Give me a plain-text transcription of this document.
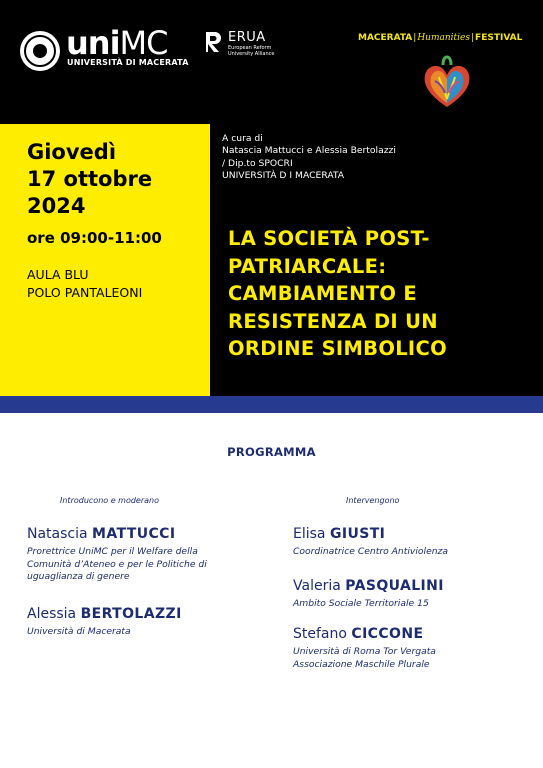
uniMC
UNIVERSITÀ DI MACERATA
ERUA
European Reform
University Alliance
MACERATA|Humanities|FESTIVAL
Giovedì
17 ottobre
2024
ore 09:00-11:00
AULA BLU
POLO PANTALEONI
A cura di
Natascia Mattucci e Alessia Bertolazzi
/ Dip.to SPOCRI
UNIVERSITÀ D I MACERATA
LA SOCIETÀ POST-
PATRIARCALE:
CAMBIAMENTO E
RESISTENZA DI UN
ORDINE SIMBOLICO
PROGRAMMA
Introducono e moderano	Intervengono
Natascia MATTUCCI
Prorettrice UniMC per il Welfare della
Comunità d’Ateneo e per le Politiche di
uguaglianza di genere
Alessia BERTOLAZZI
Università di Macerata
Elisa GIUSTI
Coordinatrice Centro Antiviolenza
Valeria PASQUALINI
Ambito Sociale Territoriale 15
Stefano CICCONE
Università di Roma Tor Vergata
Associazione Maschile Plurale
